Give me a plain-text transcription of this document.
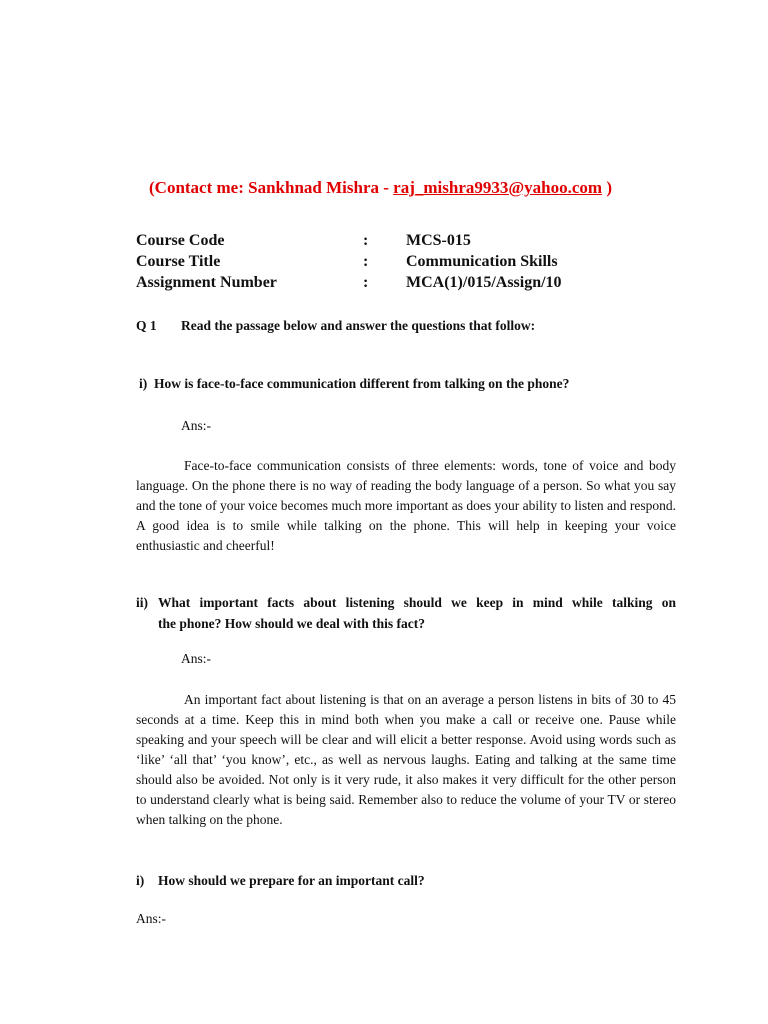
(Contact me: Sankhnad Mishra - raj_mishra9933@yahoo.com )
Course Code	: MCS-015
Course Title	: Communication Skills
Assignment Number	: MCA(1)/015/Assign/10
Q 1 Read the passage below and answer the questions that follow:
i) How is face-to-face communication different from talking on the phone?
Ans:-
Face-to-face communication consists of three elements: words, tone of voice and body language. On the phone there is no way of reading the body language of a person. So what you say and the tone of your voice becomes much more important as does your ability to listen and respond. A good idea is to smile while talking on the phone. This will help in keeping your voice enthusiastic and cheerful!
ii) What important facts about listening should we keep in mind while talking on
the phone? How should we deal with this fact?
Ans:-
An important fact about listening is that on an average a person listens in bits of 30 to 45 seconds at a time. Keep this in mind both when you make a call or receive one. Pause while speaking and your speech will be clear and will elicit a better response. Avoid using words such as ‘like’ ‘all that’ ‘you know’, etc., as well as nervous laughs. Eating and talking at the same time should also be avoided. Not only is it very rude, it also makes it very difficult for the other person to understand clearly what is being said. Remember also to reduce the volume of your TV or stereo when talking on the phone.
i) How should we prepare for an important call?
Ans:-
